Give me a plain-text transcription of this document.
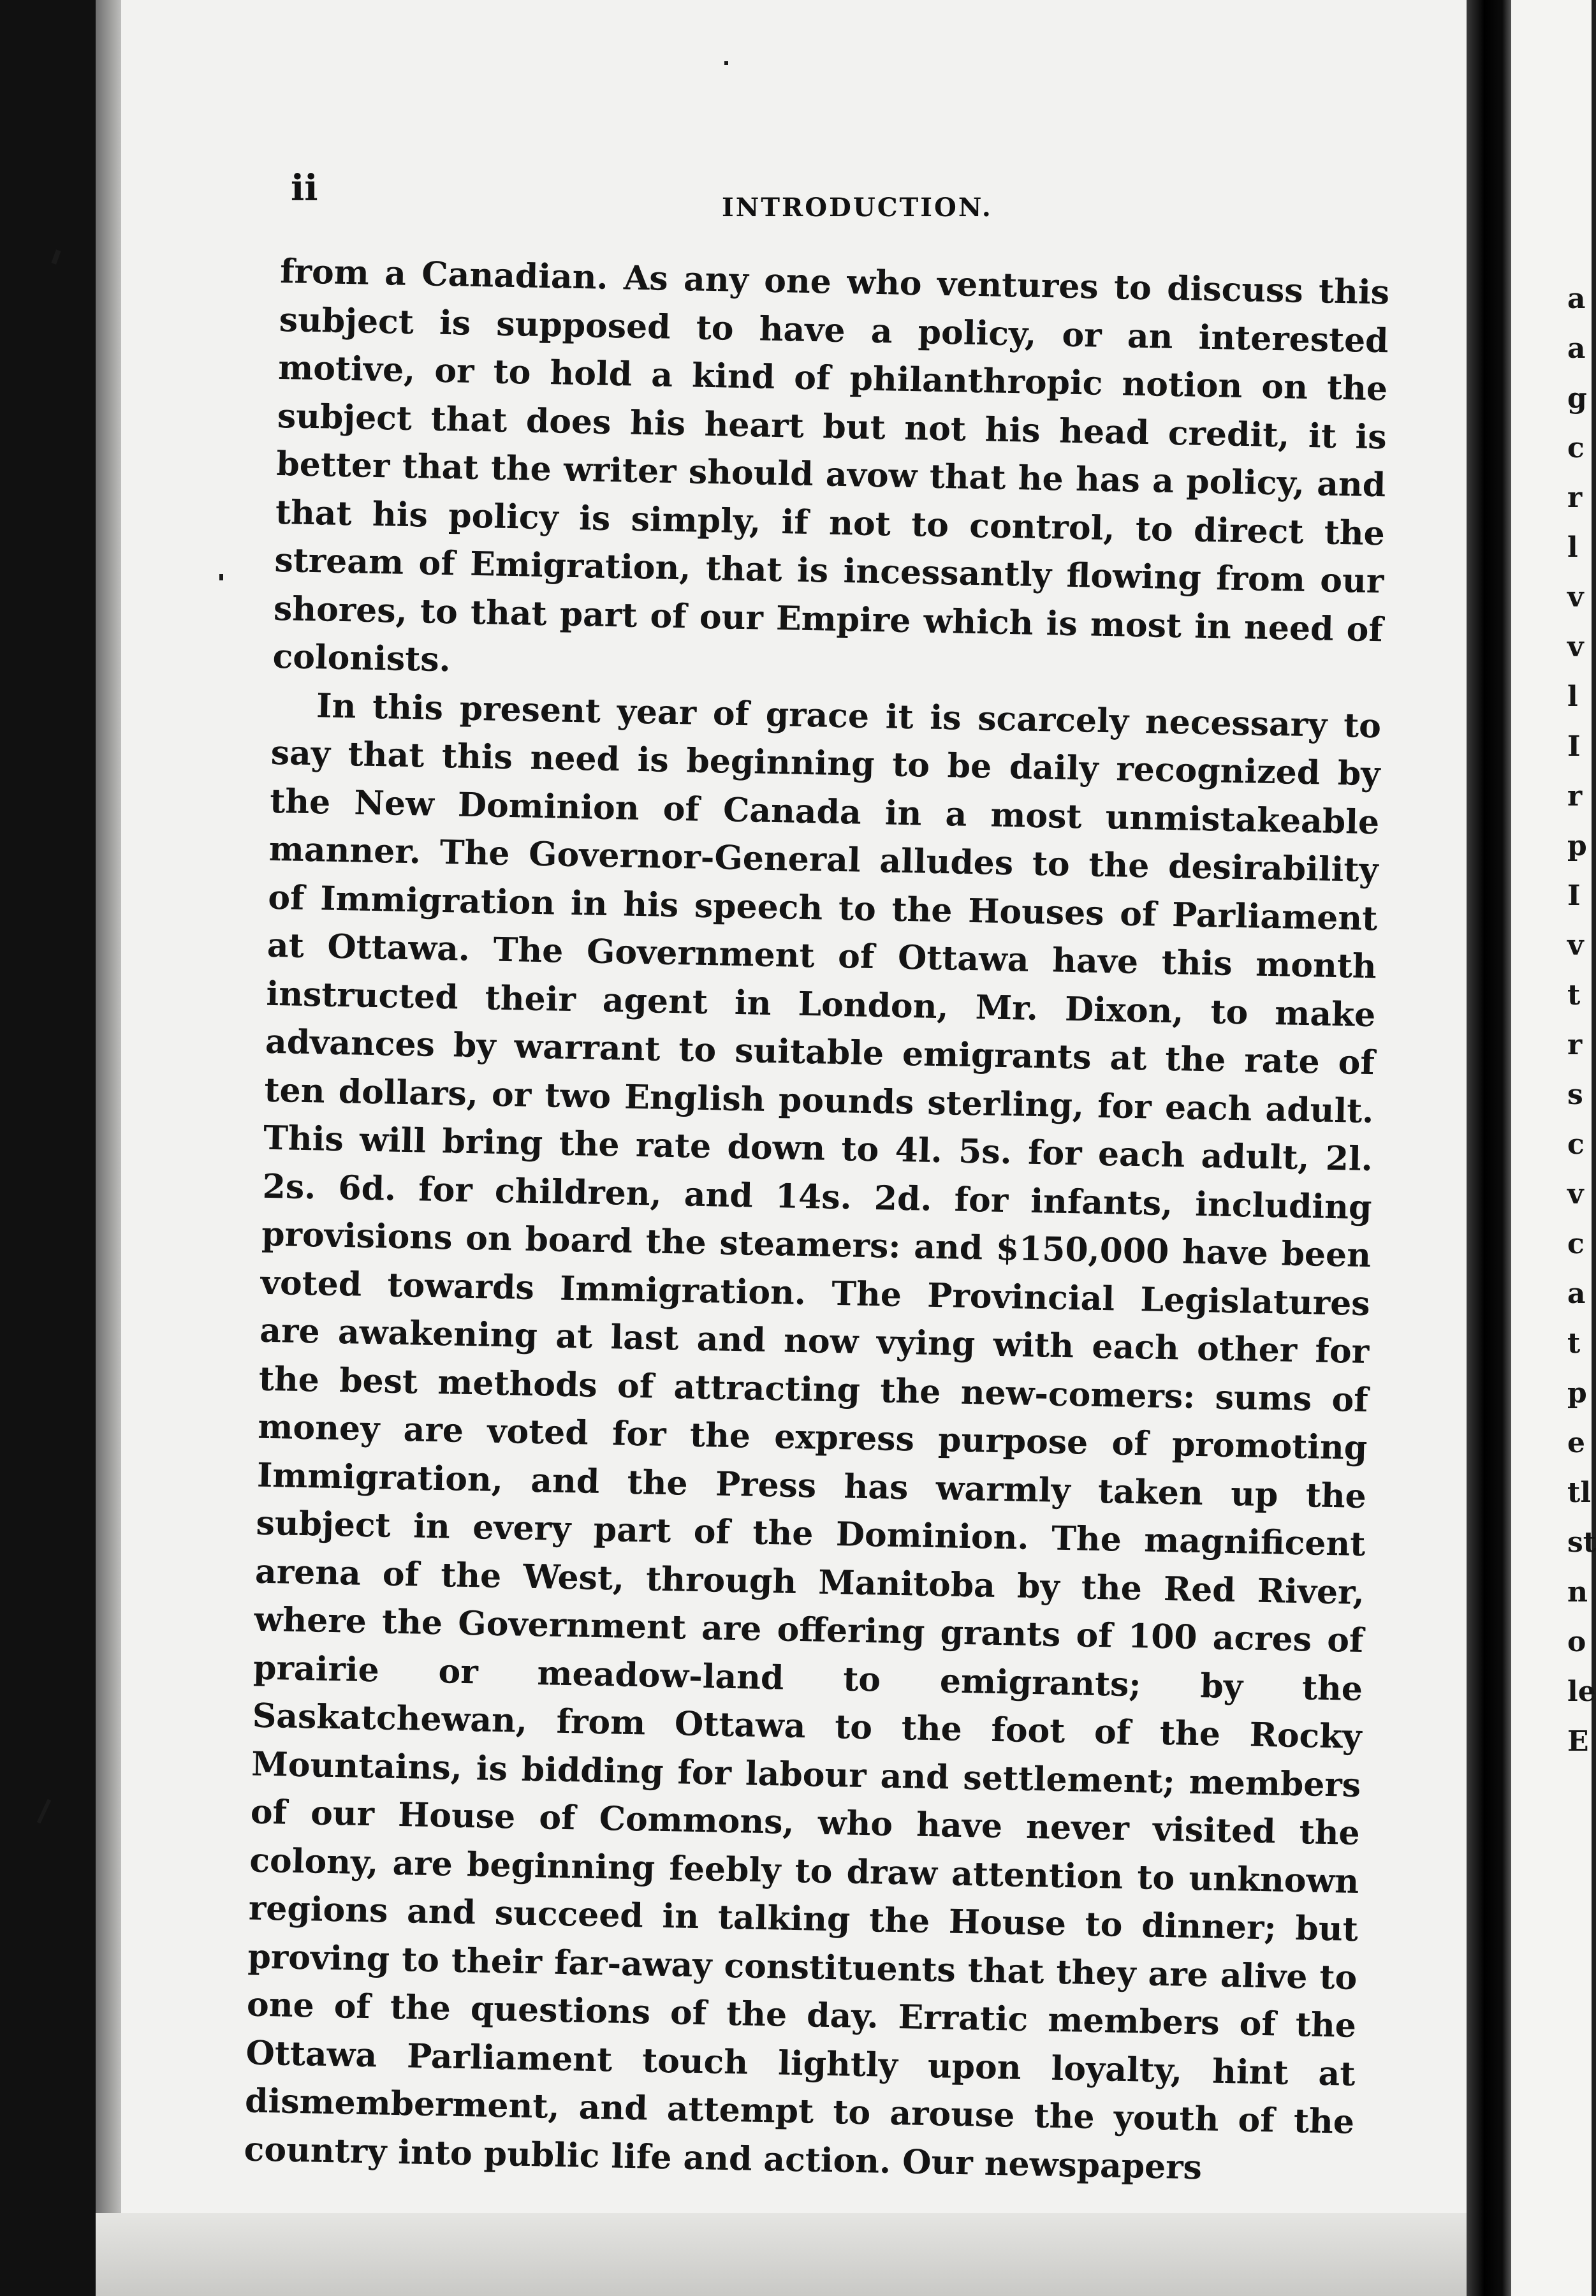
ii	INTRODUCTION.

from a Canadian. As any one who ventures to discuss this subject is supposed to have a policy, or an interested motive, or to hold a kind of philanthropic notion on the subject that does his heart but not his head credit, it is better that the writer should avow that he has a policy, and that his policy is simply, if not to control, to direct the stream of Emigration, that is incessantly flowing from our shores, to that part of our Empire which is most in need of colonists.

In this present year of grace it is scarcely necessary to say that this need is beginning to be daily recognized by the New Dominion of Canada in a most unmistakeable manner. The Governor-General alludes to the desirability of Immigration in his speech to the Houses of Parliament at Ottawa. The Government of Ottawa have this month instructed their agent in London, Mr. Dixon, to make advances by warrant to suitable emigrants at the rate of ten dollars, or two English pounds sterling, for each adult. This will bring the rate down to 4l. 5s. for each adult, 2l. 2s. 6d. for children, and 14s. 2d. for infants, including provisions on board the steamers: and $150,000 have been voted towards Immigration. The Provincial Legislatures are awakening at last and now vying with each other for the best methods of attracting the new-comers: sums of money are voted for the express purpose of promoting Immigration, and the Press has warmly taken up the subject in every part of the Dominion. The magnificent arena of the West, through Manitoba by the Red River, where the Government are offering grants of 100 acres of prairie or meadow-land to emigrants; by the Saskatchewan, from Ottawa to the foot of the Rocky Mountains, is bidding for labour and settlement; members of our House of Commons, who have never visited the colony, are beginning feebly to draw attention to unknown regions and succeed in talking the House to dinner; but proving to their far-away constituents that they are alive to one of the questions of the day. Erratic members of the Ottawa Parliament touch lightly upon loyalty, hint at dismemberment, and attempt to arouse the youth of the country into public life and action. Our newspapers

a
a
g
c
r
l
v
v
l
I
r
p
I
v
t
r
s
c
v
c
a
t
p
e
tl
st
n
o
le
E
